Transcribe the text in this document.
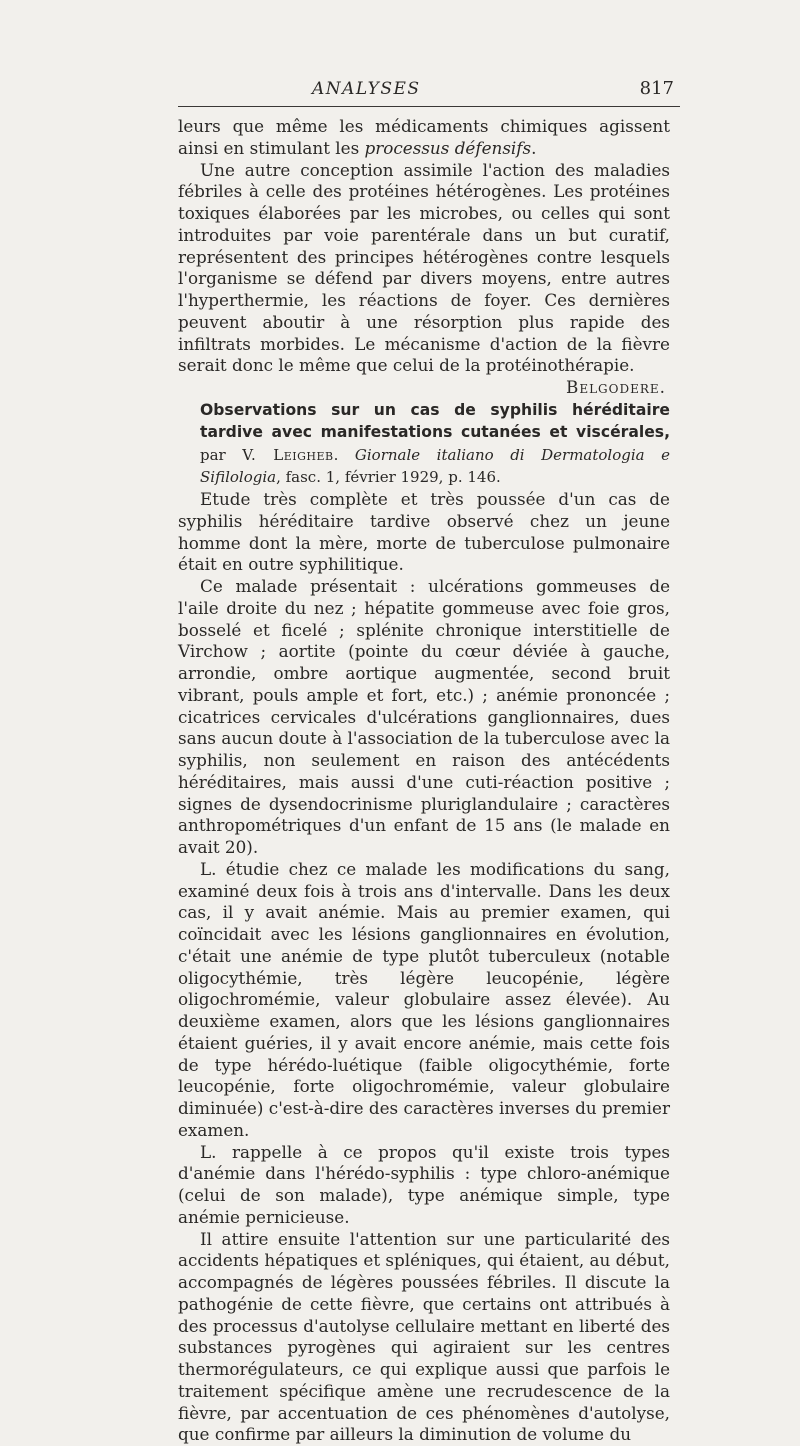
ANALYSES	817

leurs que même les médicaments chimiques agissent ainsi en stimulant les processus défensifs.

Une autre conception assimile l'action des maladies fébriles à celle des protéines hétérogènes. Les protéines toxiques élaborées par les microbes, ou celles qui sont introduites par voie parentérale dans un but curatif, représentent des principes hétérogènes contre lesquels l'organisme se défend par divers moyens, entre autres l'hyperthermie, les réactions de foyer. Ces dernières peuvent aboutir à une résorption plus rapide des infiltrats morbides. Le mécanisme d'action de la fièvre serait donc le même que celui de la protéinothérapie.

Belgodere.

Observations sur un cas de syphilis héréditaire tardive avec manifestations cutanées et viscérales, par V. Leigheb. Giornale italiano di Dermatologia e Sifilologia, fasc. 1, février 1929, p. 146.

Etude très complète et très poussée d'un cas de syphilis héréditaire tardive observé chez un jeune homme dont la mère, morte de tuberculose pulmonaire était en outre syphilitique.

Ce malade présentait : ulcérations gommeuses de l'aile droite du nez ; hépatite gommeuse avec foie gros, bosselé et ficelé ; splénite chronique interstitielle de Virchow ; aortite (pointe du cœur déviée à gauche, arrondie, ombre aortique augmentée, second bruit vibrant, pouls ample et fort, etc.) ; anémie prononcée ; cicatrices cervicales d'ulcérations ganglionnaires, dues sans aucun doute à l'association de la tuberculose avec la syphilis, non seulement en raison des antécédents héréditaires, mais aussi d'une cuti-réaction positive ; signes de dysendocrinisme pluriglandulaire ; caractères anthropométriques d'un enfant de 15 ans (le malade en avait 20).

L. étudie chez ce malade les modifications du sang, examiné deux fois à trois ans d'intervalle. Dans les deux cas, il y avait anémie. Mais au premier examen, qui coïncidait avec les lésions ganglionnaires en évolution, c'était une anémie de type plutôt tuberculeux (notable oligocythémie, très légère leucopénie, légère oligochromémie, valeur globulaire assez élevée). Au deuxième examen, alors que les lésions ganglionnaires étaient guéries, il y avait encore anémie, mais cette fois de type hérédo-luétique (faible oligocythémie, forte leucopénie, forte oligochromémie, valeur globulaire diminuée) c'est-à-dire des caractères inverses du premier examen.

L. rappelle à ce propos qu'il existe trois types d'anémie dans l'hérédo-syphilis : type chloro-anémique (celui de son malade), type anémique simple, type anémie pernicieuse.

Il attire ensuite l'attention sur une particularité des accidents hépatiques et spléniques, qui étaient, au début, accompagnés de légères poussées fébriles. Il discute la pathogénie de cette fièvre, que certains ont attribués à des processus d'autolyse cellulaire mettant en liberté des substances pyrogènes qui agiraient sur les centres thermorégulateurs, ce qui explique aussi que parfois le traitement spécifique amène une recrudescence de la fièvre, par accentuation de ces phénomènes d'autolyse, que confirme par ailleurs la diminution de volume du
